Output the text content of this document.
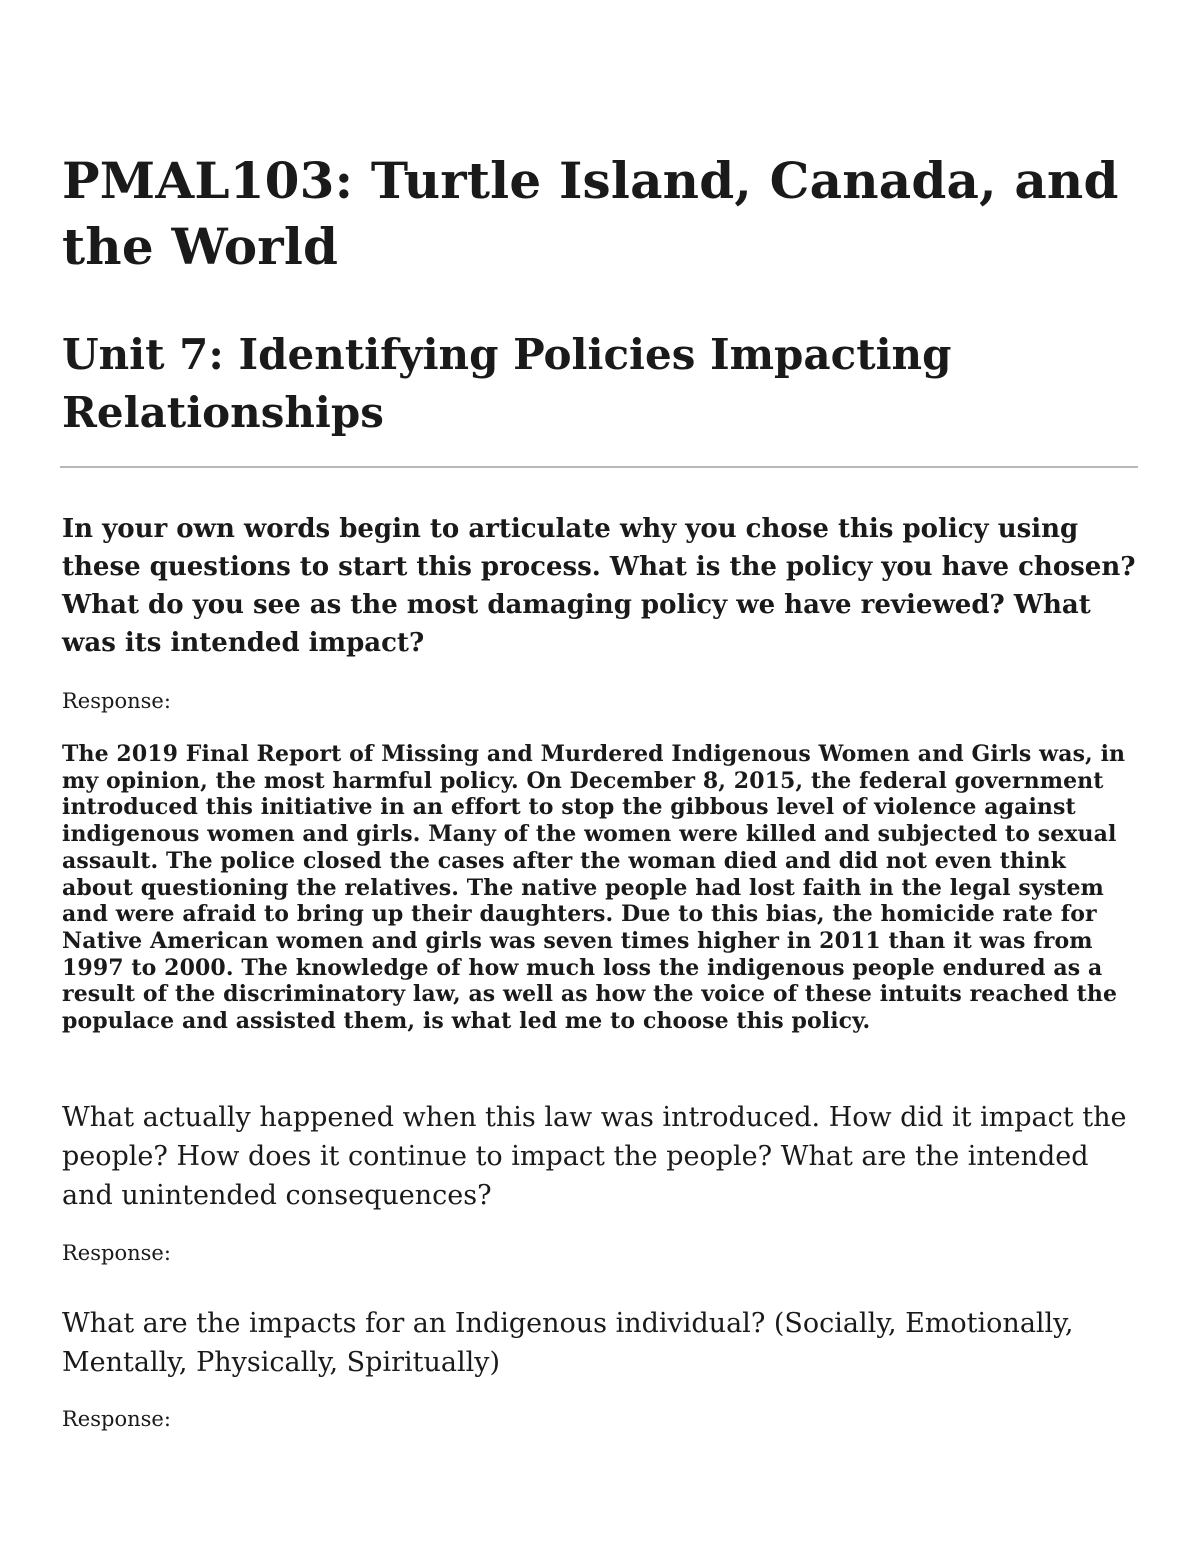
PMAL103: Turtle Island, Canada, and the World
Unit 7: Identifying Policies Impacting Relationships

In your own words begin to articulate why you chose this policy using these questions to start this process. What is the policy you have chosen? What do you see as the most damaging policy we have reviewed? What was its intended impact?

Response:

The 2019 Final Report of Missing and Murdered Indigenous Women and Girls was, in my opinion, the most harmful policy. On December 8, 2015, the federal government introduced this initiative in an effort to stop the gibbous level of violence against indigenous women and girls. Many of the women were killed and subjected to sexual assault. The police closed the cases after the woman died and did not even think about questioning the relatives. The native people had lost faith in the legal system and were afraid to bring up their daughters. Due to this bias, the homicide rate for Native American women and girls was seven times higher in 2011 than it was from 1997 to 2000. The knowledge of how much loss the indigenous people endured as a result of the discriminatory law, as well as how the voice of these intuits reached the populace and assisted them, is what led me to choose this policy.

What actually happened when this law was introduced. How did it impact the people? How does it continue to impact the people? What are the intended and unintended consequences?

Response:

What are the impacts for an Indigenous individual? (Socially, Emotionally, Mentally, Physically, Spiritually)

Response:
